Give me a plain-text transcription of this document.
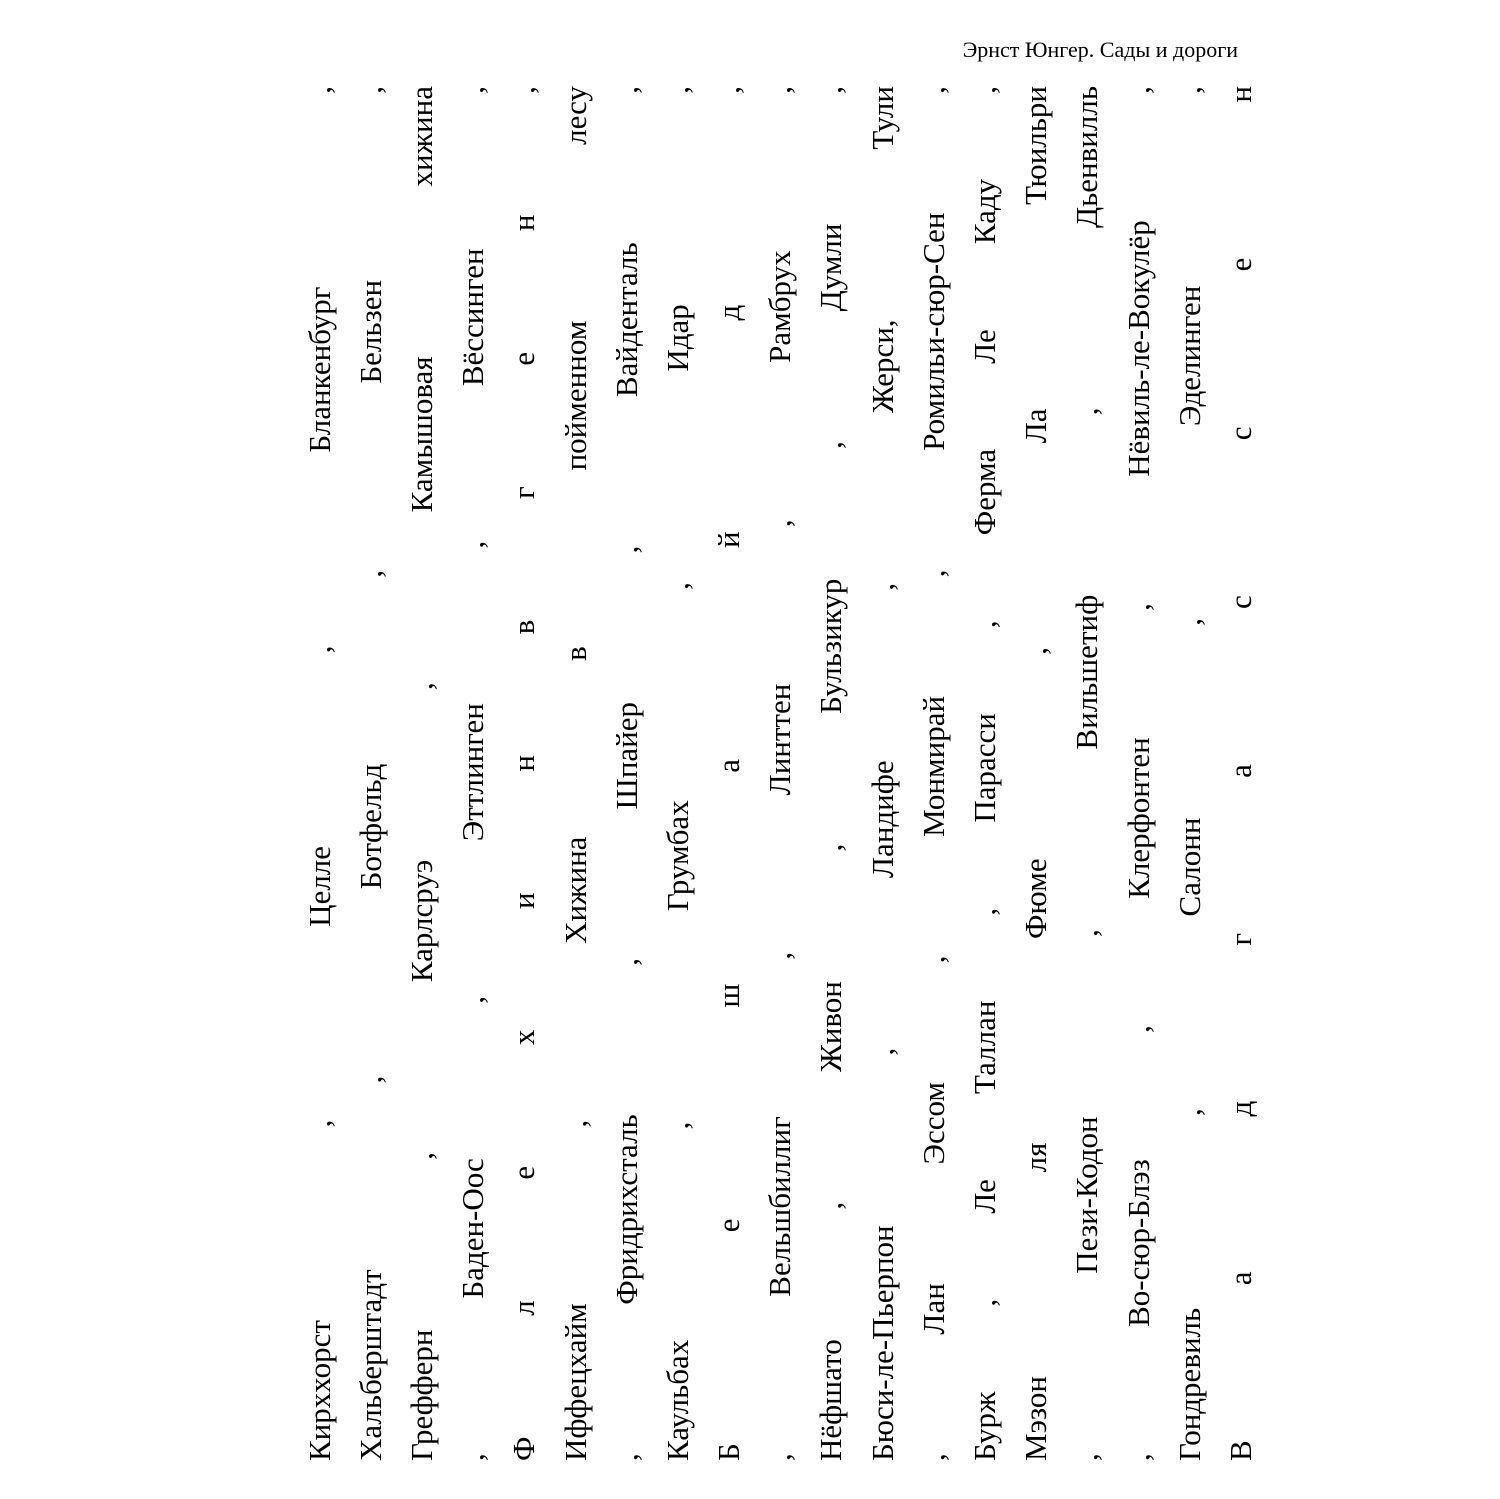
Эрнст Юнгер. Сады и дороги
Кирххорст
,
Целле
,
Бланкенбург
,
Хальберштадт
,
Ботфельд
,
Бельзен
,
Грефферн
,
Карлсруэ
,
Камышовая
хижина
,
Баден-Оос
,
Эттлинген
,
Вёссинген
,
Ф
л
е
х
и
н
в
г
е
н
,
Иффецхайм
,
Хижина
в
пойменном
лесу
,
Фридрихсталь
,
Шпайер
,
Вайденталь
,
Каульбах
,
Грумбах
,
Идар
,
Б
е
ш
а
й
д
,
,
Вельшбиллиг
,
Линттен
,
Рамбрух
,
Нёфшато
,
Живон
,
Бульзикур
,
Думли
,
Бюси-ле-Пьерпон
,
Ландифе
,
Жерси,
Тули
,
Лан
Эссом
,
Монмирай
,
Ромильи-сюр-Сен
,
Бурж
,
Ле
Таллан
,
Парасси
,
Ферма
Ле
Каду
,
Мэзон
ля
Фюме
,
Ла
Тюильри
,
Пези-Кодон
,
Вильшетиф
,
Дьенвилль
,
Во-сюр-Блэз
,
Клерфонтен
,
Нёвиль-ле-Вокулёр
,
Гондревиль
,
Салонн
,
Эделинген
,
В
а
д
г
а
с
с
е
н
